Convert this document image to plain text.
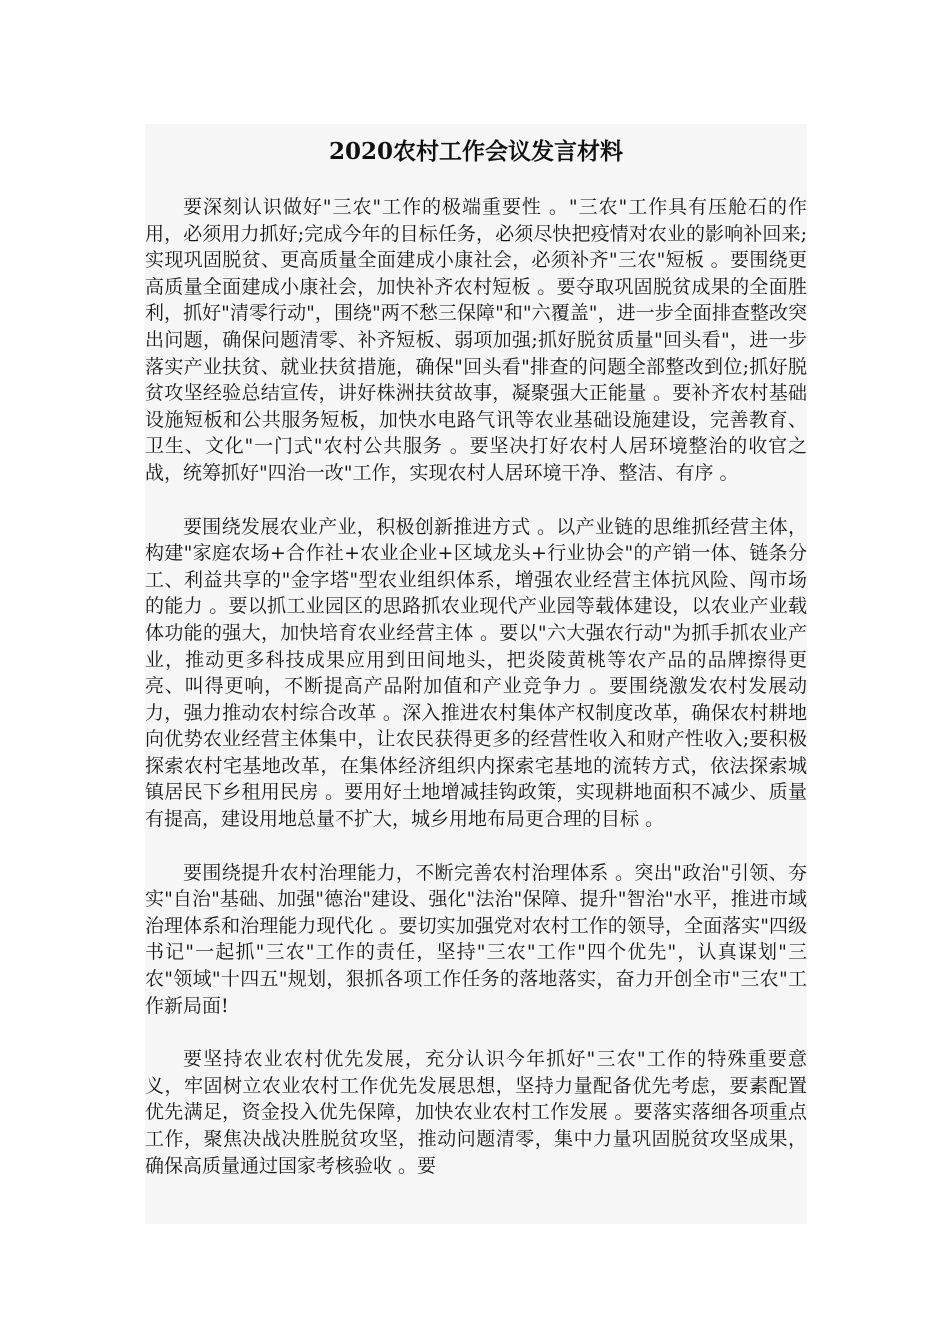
2020农村工作会议发言材料

要深刻认识做好"三农"工作的极端重要性 。"三农"工作具有压舱石的作用，必须用力抓好;完成今年的目标任务，必须尽快把疫情对农业的影响补回来;实现巩固脱贫、更高质量全面建成小康社会，必须补齐"三农"短板 。要围绕更高质量全面建成小康社会，加快补齐农村短板 。要夺取巩固脱贫成果的全面胜利，抓好"清零行动"，围绕"两不愁三保障"和"六覆盖"，进一步全面排查整改突出问题，确保问题清零、补齐短板、弱项加强;抓好脱贫质量"回头看"，进一步落实产业扶贫、就业扶贫措施，确保"回头看"排查的问题全部整改到位;抓好脱贫攻坚经验总结宣传，讲好株洲扶贫故事，凝聚强大正能量 。要补齐农村基础设施短板和公共服务短板，加快水电路气讯等农业基础设施建设，完善教育、卫生、文化"一门式"农村公共服务 。要坚决打好农村人居环境整治的收官之战，统筹抓好"四治一改"工作，实现农村人居环境干净、整洁、有序 。

要围绕发展农业产业，积极创新推进方式 。以产业链的思维抓经营主体，构建"家庭农场+合作社+农业企业+区域龙头+行业协会"的产销一体、链条分工、利益共享的"金字塔"型农业组织体系，增强农业经营主体抗风险、闯市场的能力 。要以抓工业园区的思路抓农业现代产业园等载体建设，以农业产业载体功能的强大，加快培育农业经营主体 。要以"六大强农行动"为抓手抓农业产业，推动更多科技成果应用到田间地头，把炎陵黄桃等农产品的品牌擦得更亮、叫得更响，不断提高产品附加值和产业竞争力 。要围绕激发农村发展动力，强力推动农村综合改革 。深入推进农村集体产权制度改革，确保农村耕地向优势农业经营主体集中，让农民获得更多的经营性收入和财产性收入;要积极探索农村宅基地改革，在集体经济组织内探索宅基地的流转方式，依法探索城镇居民下乡租用民房 。要用好土地增减挂钩政策，实现耕地面积不减少、质量有提高，建设用地总量不扩大，城乡用地布局更合理的目标 。

要围绕提升农村治理能力，不断完善农村治理体系 。突出"政治"引领、夯实"自治"基础、加强"德治"建设、强化"法治"保障、提升"智治"水平，推进市域治理体系和治理能力现代化 。要切实加强党对农村工作的领导，全面落实"四级书记"一起抓"三农"工作的责任，坚持"三农"工作"四个优先"，认真谋划"三农"领域"十四五"规划，狠抓各项工作任务的落地落实，奋力开创全市"三农"工作新局面!

要坚持农业农村优先发展，充分认识今年抓好"三农"工作的特殊重要意义，牢固树立农业农村工作优先发展思想，坚持力量配备优先考虑，要素配置优先满足，资金投入优先保障，加快农业农村工作发展 。要落实落细各项重点工作，聚焦决战决胜脱贫攻坚，推动问题清零，集中力量巩固脱贫攻坚成果，确保高质量通过国家考核验收 。要
